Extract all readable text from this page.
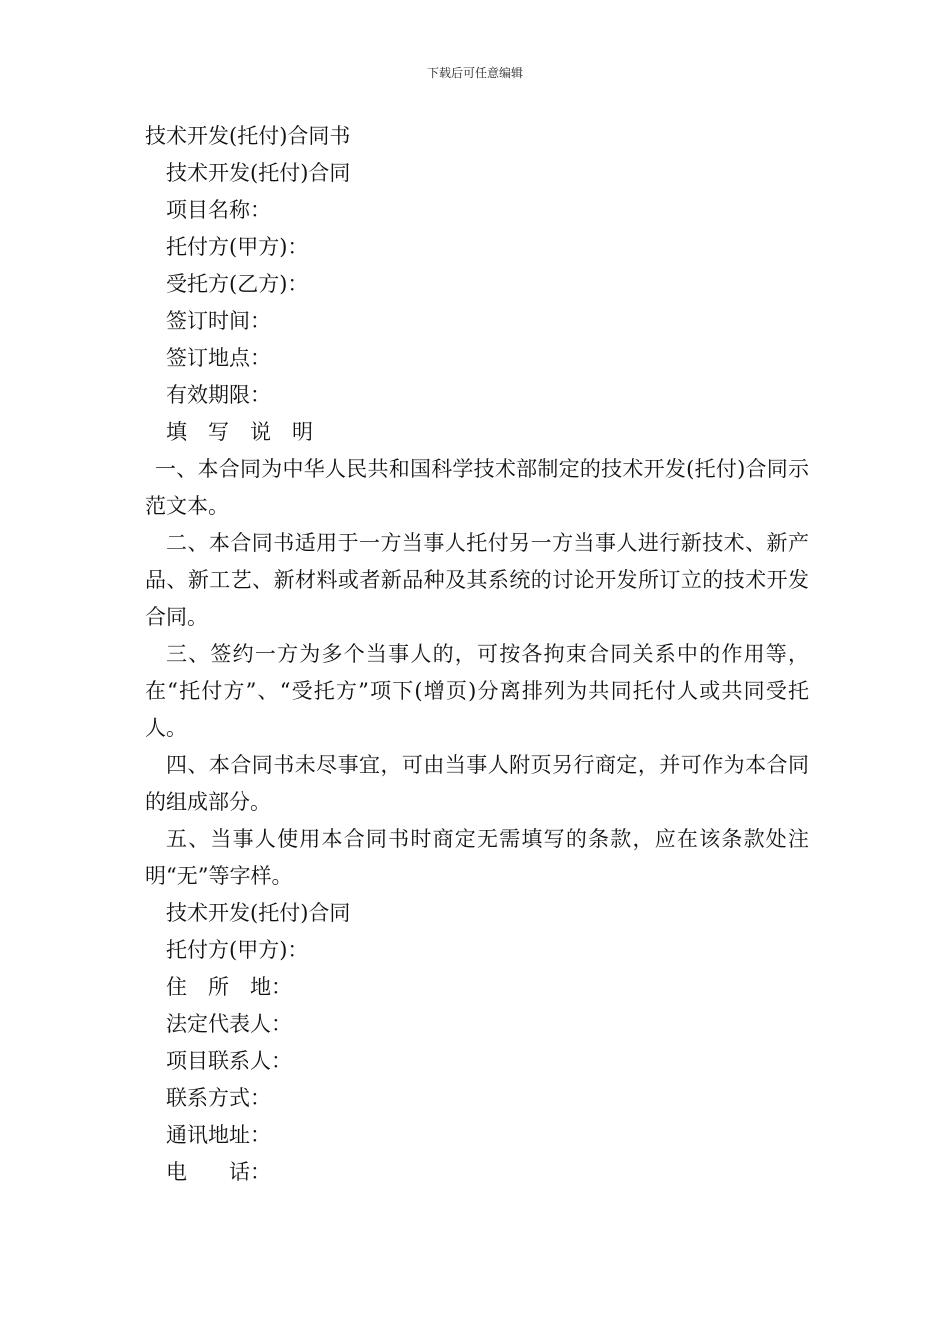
下载后可任意编辑
技术开发(托付)合同书
技术开发(托付)合同
项目名称：
托付方(甲方)：
受托方(乙方)：
签订时间：
签订地点：
有效期限：
填　写　说　明
一、本合同为中华人民共和国科学技术部制定的技术开发(托付)合同示范文本。
二、本合同书适用于一方当事人托付另一方当事人进行新技术、新产品、新工艺、新材料或者新品种及其系统的讨论开发所订立的技术开发合同。
三、签约一方为多个当事人的，可按各拘束合同关系中的作用等，在“托付方”、“受托方”项下(增页)分离排列为共同托付人或共同受托人。
四、本合同书未尽事宜，可由当事人附页另行商定，并可作为本合同的组成部分。
五、当事人使用本合同书时商定无需填写的条款，应在该条款处注明“无”等字样。
技术开发(托付)合同
托付方(甲方)：
住　所　地：
法定代表人：
项目联系人：
联系方式：
通讯地址：
电　　话：
